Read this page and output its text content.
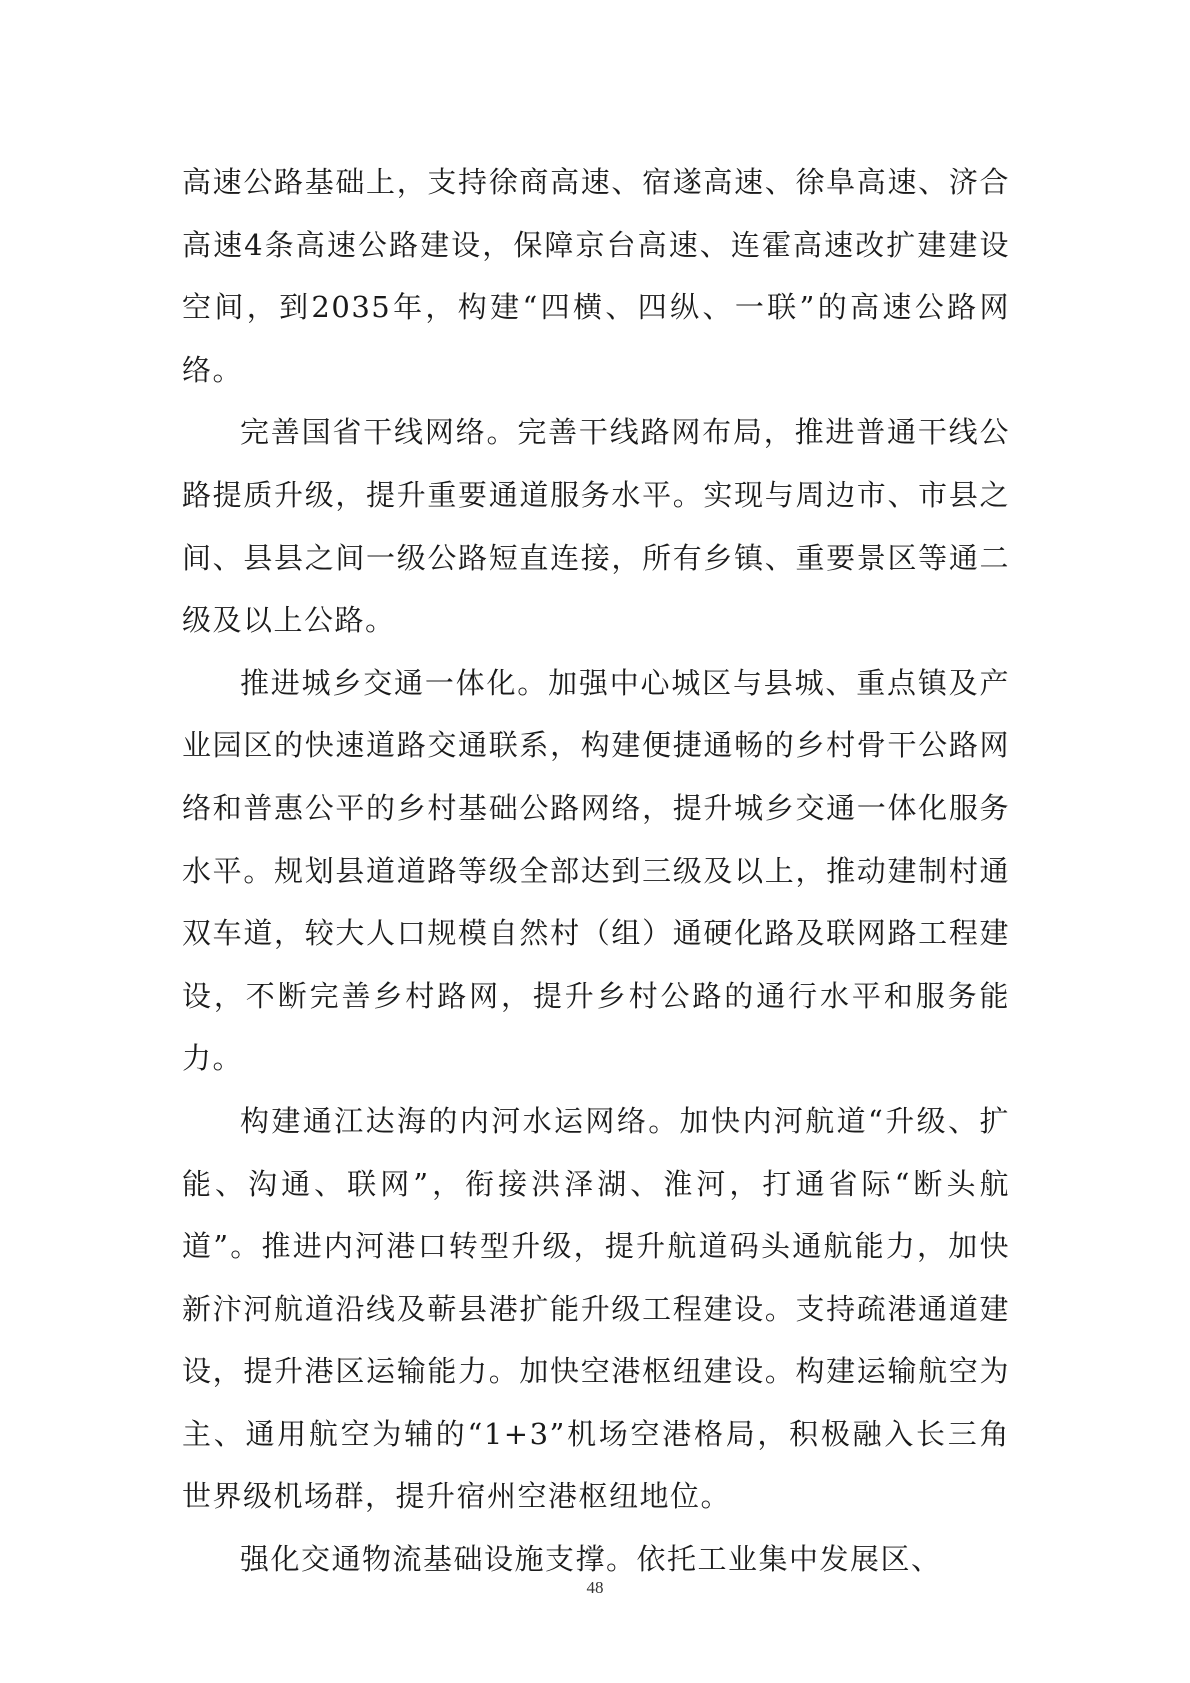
高速公路基础上，支持徐商高速、宿遂高速、徐阜高速、济合高速4条高速公路建设，保障京台高速、连霍高速改扩建建设空间，到2035年，构建“四横、四纵、一联”的高速公路网络。

完善国省干线网络。完善干线路网布局，推进普通干线公路提质升级，提升重要通道服务水平。实现与周边市、市县之间、县县之间一级公路短直连接，所有乡镇、重要景区等通二级及以上公路。

推进城乡交通一体化。加强中心城区与县城、重点镇及产业园区的快速道路交通联系，构建便捷通畅的乡村骨干公路网络和普惠公平的乡村基础公路网络，提升城乡交通一体化服务水平。规划县道道路等级全部达到三级及以上，推动建制村通双车道，较大人口规模自然村（组）通硬化路及联网路工程建设，不断完善乡村路网，提升乡村公路的通行水平和服务能力。

构建通江达海的内河水运网络。加快内河航道“升级、扩能、沟通、联网”，衔接洪泽湖、淮河，打通省际“断头航道”。推进内河港口转型升级，提升航道码头通航能力，加快新汴河航道沿线及蕲县港扩能升级工程建设。支持疏港通道建设，提升港区运输能力。加快空港枢纽建设。构建运输航空为主、通用航空为辅的“1+3”机场空港格局，积极融入长三角世界级机场群，提升宿州空港枢纽地位。

强化交通物流基础设施支撑。依托工业集中发展区、

48
